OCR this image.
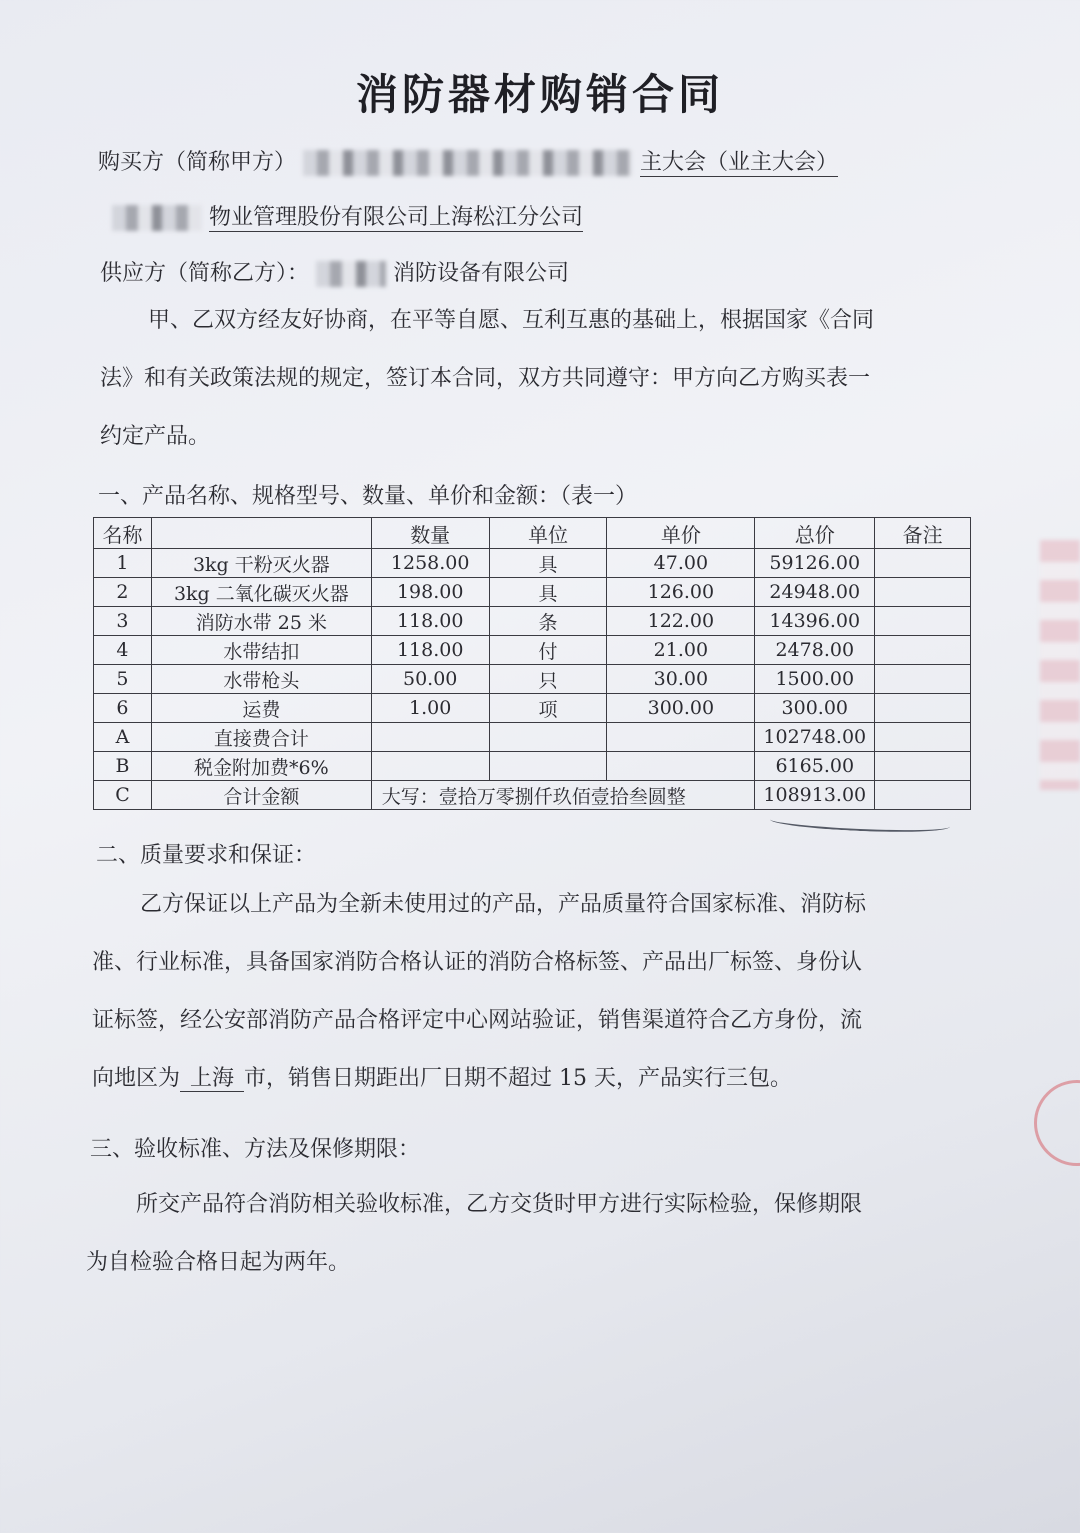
消防器材购销合同
购买方（简称甲方）	主大会（业主大会）
物业管理股份有限公司上海松江分公司
供应方（简称乙方）：	消防设备有限公司
甲、乙双方经友好协商，在平等自愿、互利互惠的基础上，根据国家《合同
法》和有关政策法规的规定，签订本合同，双方共同遵守：甲方向乙方购买表一
约定产品。
一、产品名称、规格型号、数量、单价和金额：（表一）
名称		数量	单位	单价	总价	备注
1	3kg 干粉灭火器	1258.00	具	47.00	59126.00	
2	3kg 二氧化碳灭火器	198.00	具	126.00	24948.00	
3	消防水带 25 米	118.00	条	122.00	14396.00	
4	水带结扣	118.00	付	21.00	2478.00	
5	水带枪头	50.00	只	30.00	1500.00	
6	运费	1.00	项	300.00	300.00	
A	直接费合计				102748.00	
B	税金附加费*6%				6165.00	
C	合计金额	大写：壹拾万零捌仟玖佰壹拾叁圆整			108913.00	
二、质量要求和保证：
乙方保证以上产品为全新未使用过的产品，产品质量符合国家标准、消防标
准、行业标准，具备国家消防合格认证的消防合格标签、产品出厂标签、身份认
证标签，经公安部消防产品合格评定中心网站验证，销售渠道符合乙方身份，流
向地区为 上海 市，销售日期距出厂日期不超过 15 天，产品实行三包。
三、验收标准、方法及保修期限：
所交产品符合消防相关验收标准，乙方交货时甲方进行实际检验，保修期限
为自检验合格日起为两年。
